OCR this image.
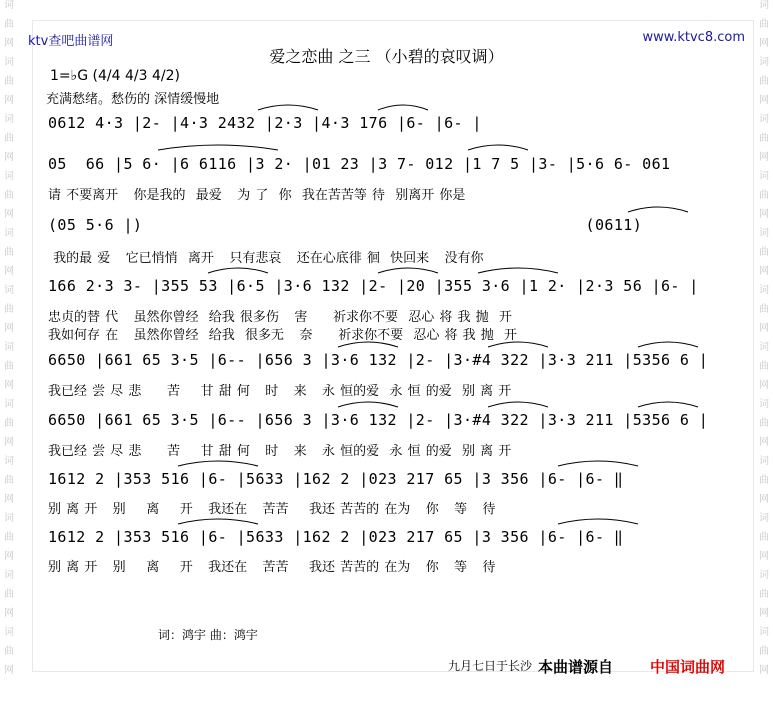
词
曲
网
词
曲
网
词
曲
网
词
曲
网
词
曲
网
词
曲
网
词
曲
网
词
曲
网
词
曲
网
词
曲
网
词
曲
网
词
曲
网
词
曲
网
词
曲
网
词
曲
网
词
曲
网
词
曲
网
词
曲
网
词
曲
网
词
曲
网
词
曲
网
词
曲
网
词
曲
网
词
曲
网
ktv查吧曲谱网	www.ktvc8.com
爱之恋曲 之三 （小碧的哀叹调）
1=♭G (4/4 4/3 4/2)
充满愁绪。愁伤的 深情缓慢地
0612 4·3 |2- |4·3 2432 |2·3 |4·3 176 |6- |6- |
05  66 |5 6· |6 6116 |3 2· |01 23 |3 7- 012 |1 7 5 |3- |5·6 6- 061
请 不要离开   你是我的  最爱   为 了  你  我在苦苦等 待  别离开 你是
(05 5·6 |)                                               (0611)
我的最 爱   它已悄悄  离开   只有悲哀   还在心底徘 徊  快回来   没有你
166 2·3 3- |355 53 |6·5 |3·6 132 |2- |20 |355 3·6 |1 2· |2·3 56 |6- |
忠贞的替 代   虽然你曾经  给我 很多伤   害     祈求你不要  忍心 将 我 抛  开
我如何存 在   虽然你曾经  给我  很多无   奈     祈求你不要  忍心 将 我 抛  开
6650 |661 65 3·5 |6-- |656 3 |3·6 132 |2- |3·#4 322 |3·3 211 |5356 6 |
我已经 尝 尽 悲     苦    甘 甜 何   时   来   永 恒的爱  永 恒 的爱  别 离 开
6650 |661 65 3·5 |6-- |656 3 |3·6 132 |2- |3·#4 322 |3·3 211 |5356 6 |
我已经 尝 尽 悲     苦    甘 甜 何   时   来   永 恒的爱  永 恒 的爱  别 离 开
1612 2 |353 516 |6- |5633 |162 2 |023 217 65 |3 356 |6- |6- ‖
别 离 开   别    离    开   我还在   苦苦    我还 苦苦的 在为   你   等   待
1612 2 |353 516 |6- |5633 |162 2 |023 217 65 |3 356 |6- |6- ‖
别 离 开   别    离    开   我还在   苦苦    我还 苦苦的 在为   你   等   待
词：鸿宇 曲：鸿宇
九月七日于长沙 本曲谱源自 中国词曲网
